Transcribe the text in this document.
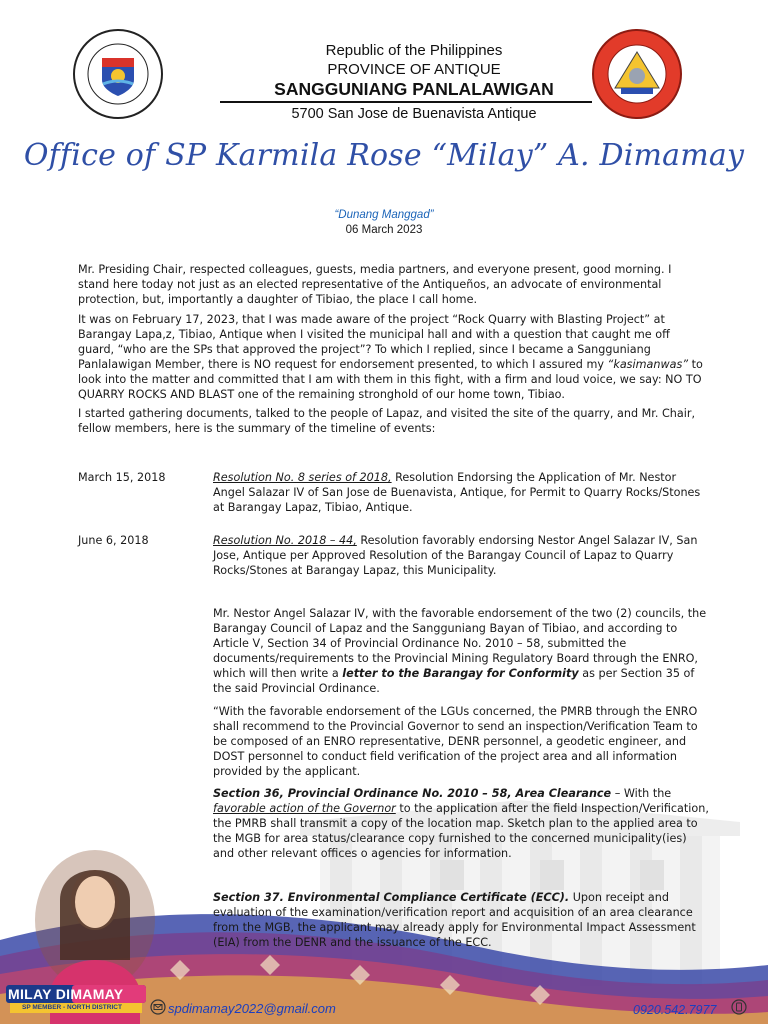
Republic of the Philippines
PROVINCE OF ANTIQUE
SANGGUNIANG PANLALAWIGAN
5700 San Jose de Buenavista Antique
Office of SP Karmila Rose “Milay” A. Dimamay
“Dunang Manggad”
06 March 2023
Mr. Presiding Chair, respected colleagues, guests, media partners, and everyone present, good morning. I stand here today not just as an elected representative of the Antiqueños, an advocate of environmental protection, but, importantly a daughter of Tibiao, the place I call home.
It was on February 17, 2023, that I was made aware of the project “Rock Quarry with Blasting Project” at Barangay Lapa,z, Tibiao, Antique when I visited the municipal hall and with a question that caught me off guard, “who are the SPs that approved the project”? To which I replied, since I became a Sangguniang Panlalawigan Member, there is NO request for endorsement presented, to which I assured my “kasimanwas” to look into the matter and committed that I am with them in this fight, with a firm and loud voice, we say: NO TO QUARRY ROCKS AND BLAST one of the remaining stronghold of our home town, Tibiao.
I started gathering documents, talked to the people of Lapaz, and visited the site of the quarry, and Mr. Chair, fellow members, here is the summary of the timeline of events:
March 15, 2018	Resolution No. 8 series of 2018, Resolution Endorsing the Application of Mr. Nestor Angel Salazar IV of San Jose de Buenavista, Antique, for Permit to Quarry Rocks/Stones at Barangay Lapaz, Tibiao, Antique.
June 6, 2018	Resolution No. 2018 – 44, Resolution favorably endorsing Nestor Angel Salazar IV, San Jose, Antique per Approved Resolution of the Barangay Council of Lapaz to Quarry Rocks/Stones at Barangay Lapaz, this Municipality.
Mr. Nestor Angel Salazar IV, with the favorable endorsement of the two (2) councils, the Barangay Council of Lapaz and the Sangguniang Bayan of Tibiao, and according to Article V, Section 34 of Provincial Ordinance No. 2010 – 58, submitted the documents/requirements to the Provincial Mining Regulatory Board through the ENRO, which will then write a letter to the Barangay for Conformity as per Section 35 of the said Provincial Ordinance.
“With the favorable endorsement of the LGUs concerned, the PMRB through the ENRO shall recommend to the Provincial Governor to send an inspection/Verification Team to be composed of an ENRO representative, DENR personnel, a geodetic engineer, and DOST personnel to conduct field verification of the project area and all information provided by the applicant.
Section 36, Provincial Ordinance No. 2010 – 58, Area Clearance – With the favorable action of the Governor to the application after the field Inspection/Verification, the PMRB shall transmit a copy of the location map. Sketch plan to the applied area to the MGB for area status/clearance copy furnished to the concerned municipality(ies) and other relevant offices o agencies for information.
Section 37. Environmental Compliance Certificate (ECC). Upon receipt and evaluation of the examination/verification report and acquisition of an area clearance from the MGB, the applicant may already apply for Environmental Impact Assessment (EIA) from the DENR and the issuance of the ECC.
MILAY DIMAMAY
SP MEMBER - NORTH DISTRICT	spdimamay2022@gmail.com	0920.542.7977
